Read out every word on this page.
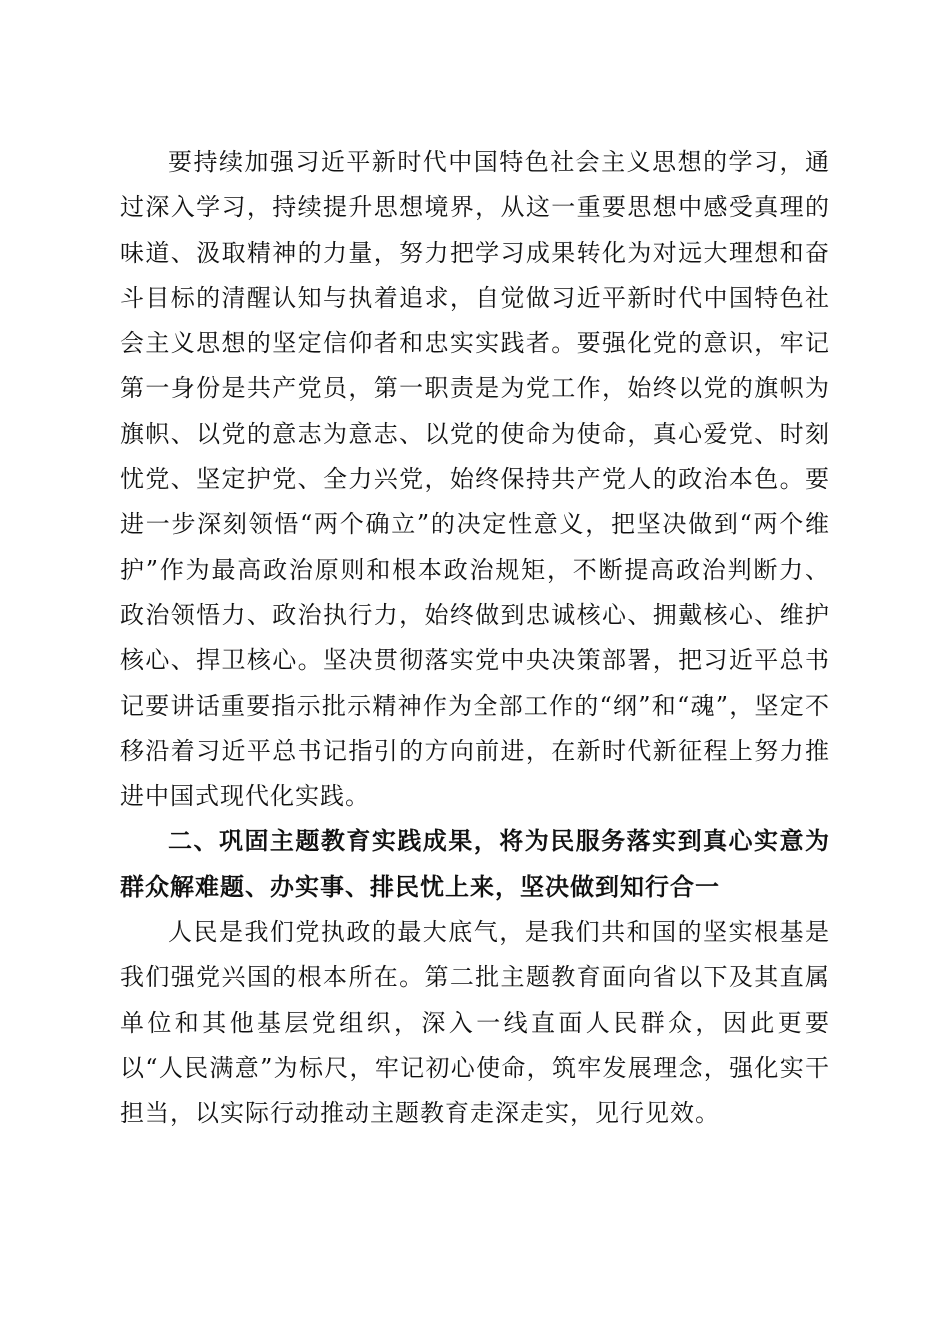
要持续加强习近平新时代中国特色社会主义思想的学习，通过深入学习，持续提升思想境界，从这一重要思想中感受真理的味道、汲取精神的力量，努力把学习成果转化为对远大理想和奋斗目标的清醒认知与执着追求，自觉做习近平新时代中国特色社会主义思想的坚定信仰者和忠实实践者。要强化党的意识，牢记第一身份是共产党员，第一职责是为党工作，始终以党的旗帜为旗帜、以党的意志为意志、以党的使命为使命，真心爱党、时刻忧党、坚定护党、全力兴党，始终保持共产党人的政治本色。要进一步深刻领悟“两个确立”的决定性意义，把坚决做到“两个维护”作为最高政治原则和根本政治规矩，不断提高政治判断力、政治领悟力、政治执行力，始终做到忠诚核心、拥戴核心、维护核心、捍卫核心。坚决贯彻落实党中央决策部署，把习近平总书记要讲话重要指示批示精神作为全部工作的“纲”和“魂”，坚定不移沿着习近平总书记指引的方向前进，在新时代新征程上努力推进中国式现代化实践。

二、巩固主题教育实践成果，将为民服务落实到真心实意为群众解难题、办实事、排民忧上来，坚决做到知行合一

人民是我们党执政的最大底气，是我们共和国的坚实根基是我们强党兴国的根本所在。第二批主题教育面向省以下及其直属单位和其他基层党组织，深入一线直面人民群众，因此更要以“人民满意”为标尺，牢记初心使命，筑牢发展理念，强化实干担当，以实际行动推动主题教育走深走实，见行见效。
